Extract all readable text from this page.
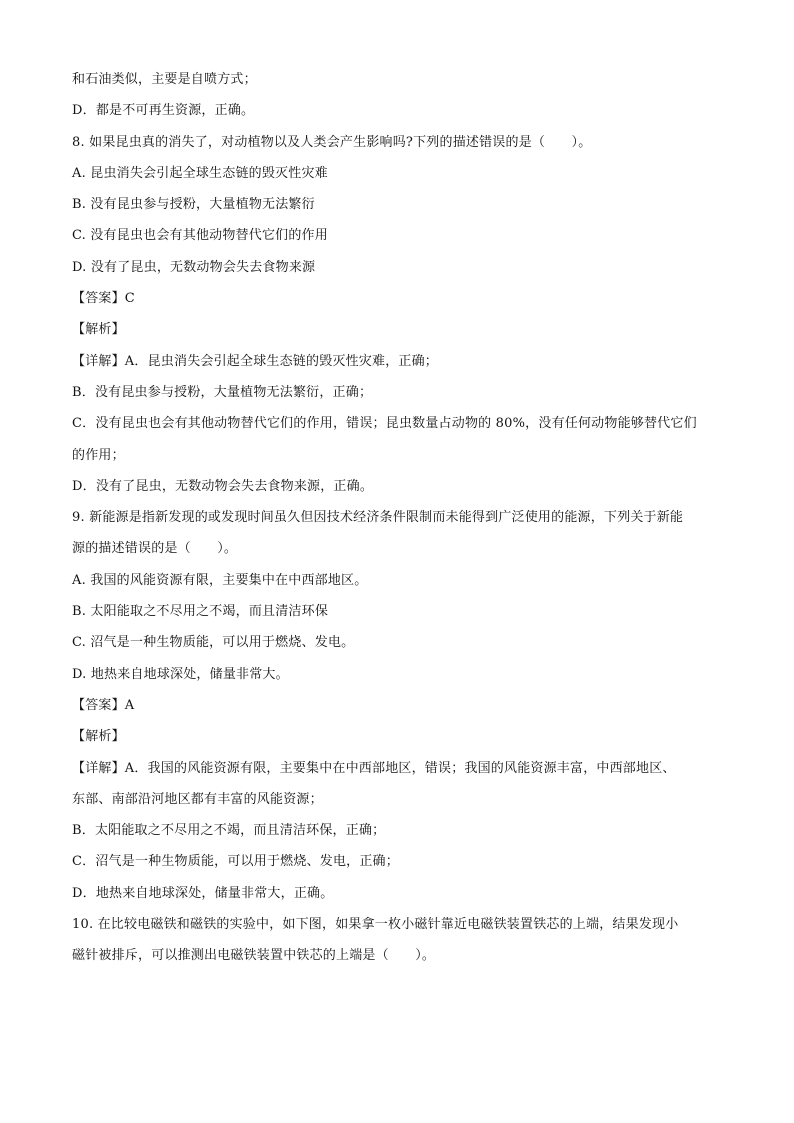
和石油类似，主要是自喷方式；
D．都是不可再生资源，正确。
8. 如果昆虫真的消失了，对动植物以及人类会产生影响吗?下列的描述错误的是（　　）。
A. 昆虫消失会引起全球生态链的毁灭性灾难
B. 没有昆虫参与授粉，大量植物无法繁衍
C. 没有昆虫也会有其他动物替代它们的作用
D. 没有了昆虫，无数动物会失去食物来源
【答案】C
【解析】
【详解】A．昆虫消失会引起全球生态链的毁灭性灾难，正确；
B．没有昆虫参与授粉，大量植物无法繁衍，正确；
C．没有昆虫也会有其他动物替代它们的作用，错误；昆虫数量占动物的 80%，没有任何动物能够替代它们
的作用；
D．没有了昆虫，无数动物会失去食物来源，正确。
9. 新能源是指新发现的或发现时间虽久但因技术经济条件限制而未能得到广泛使用的能源，下列关于新能
源的描述错误的是（　　）。
A. 我国的风能资源有限，主要集中在中西部地区。
B. 太阳能取之不尽用之不竭，而且清洁环保
C. 沼气是一种生物质能，可以用于燃烧、发电。
D. 地热来自地球深处，储量非常大。
【答案】A
【解析】
【详解】A．我国的风能资源有限，主要集中在中西部地区，错误；我国的风能资源丰富，中西部地区、
东部、南部沿河地区都有丰富的风能资源；
B．太阳能取之不尽用之不竭，而且清洁环保，正确；
C．沼气是一种生物质能，可以用于燃烧、发电，正确；
D．地热来自地球深处，储量非常大，正确。
10. 在比较电磁铁和磁铁的实验中，如下图，如果拿一枚小磁针靠近电磁铁装置铁芯的上端，结果发现小
磁针被排斥，可以推测出电磁铁装置中铁芯的上端是（　　）。
